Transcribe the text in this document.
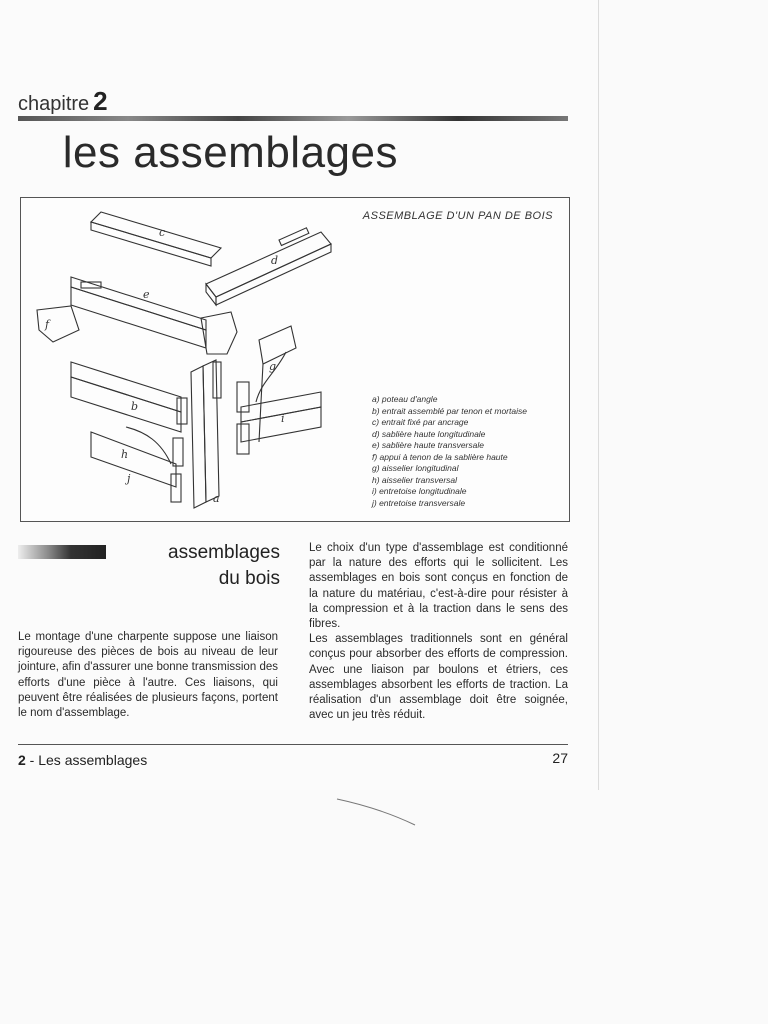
chapitre 2
les assemblages
ASSEMBLAGE D'UN PAN DE BOIS
a
b
c
d
e
f
g
h
i
j
a) poteau d'angle
b) entrait assemblé par tenon et mortaise
c) entrait fixé par ancrage
d) sablière haute longitudinale
e) sablière haute transversale
f) appui à tenon de la sablière haute
g) aisselier longitudinal
h) aisselier transversal
i) entretoise longitudinale
j) entretoise transversale
assemblages
du bois

Le montage d'une charpente suppose une liaison rigoureuse des pièces de bois au niveau de leur jointure, afin d'assurer une bonne transmission des efforts d'une pièce à l'autre. Ces liaisons, qui peuvent être réalisées de plusieurs façons, portent le nom d'assemblage.

Le choix d'un type d'assemblage est conditionné par la nature des efforts qui le sollicitent. Les assemblages en bois sont conçus en fonction de la nature du matériau, c'est-à-dire pour résister à la compression et à la traction dans le sens des fibres.

Les assemblages traditionnels sont en général conçus pour absorber des efforts de compression. Avec une liaison par boulons et étriers, ces assemblages absorbent les efforts de traction. La réalisation d'un assemblage doit être soignée, avec un jeu très réduit.

2 - Les assemblages	27
